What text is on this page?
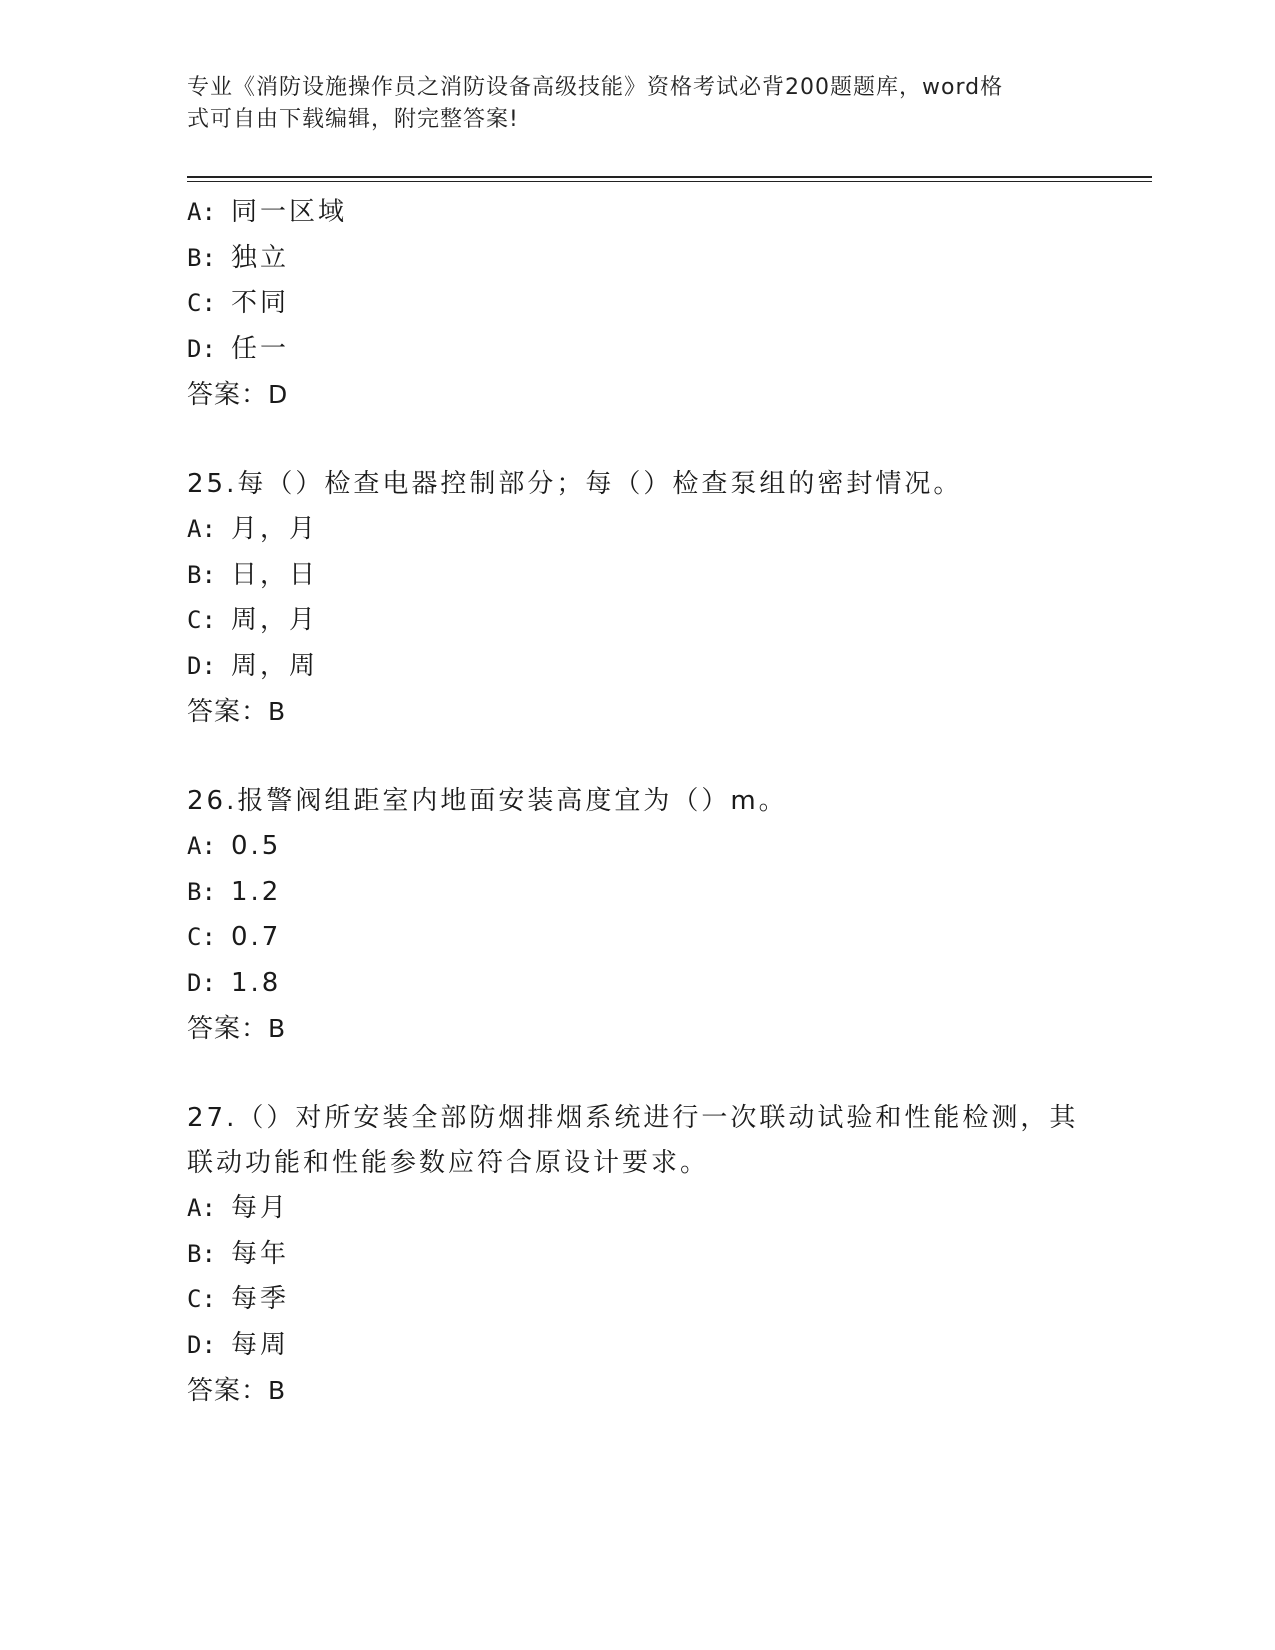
专业《消防设施操作员之消防设备高级技能》资格考试必背200题题库，word格
式可自由下载编辑，附完整答案!
A: 同一区域
B: 独立
C: 不同
D: 任一
答案：D
25.每（）检查电器控制部分；每（）检查泵组的密封情况。
A: 月，月
B: 日，日
C: 周，月
D: 周，周
答案：B
26.报警阀组距室内地面安装高度宜为（）m。
A: 0.5
B: 1.2
C: 0.7
D: 1.8
答案：B
27.（）对所安装全部防烟排烟系统进行一次联动试验和性能检测，其
联动功能和性能参数应符合原设计要求。
A: 每月
B: 每年
C: 每季
D: 每周
答案：B
